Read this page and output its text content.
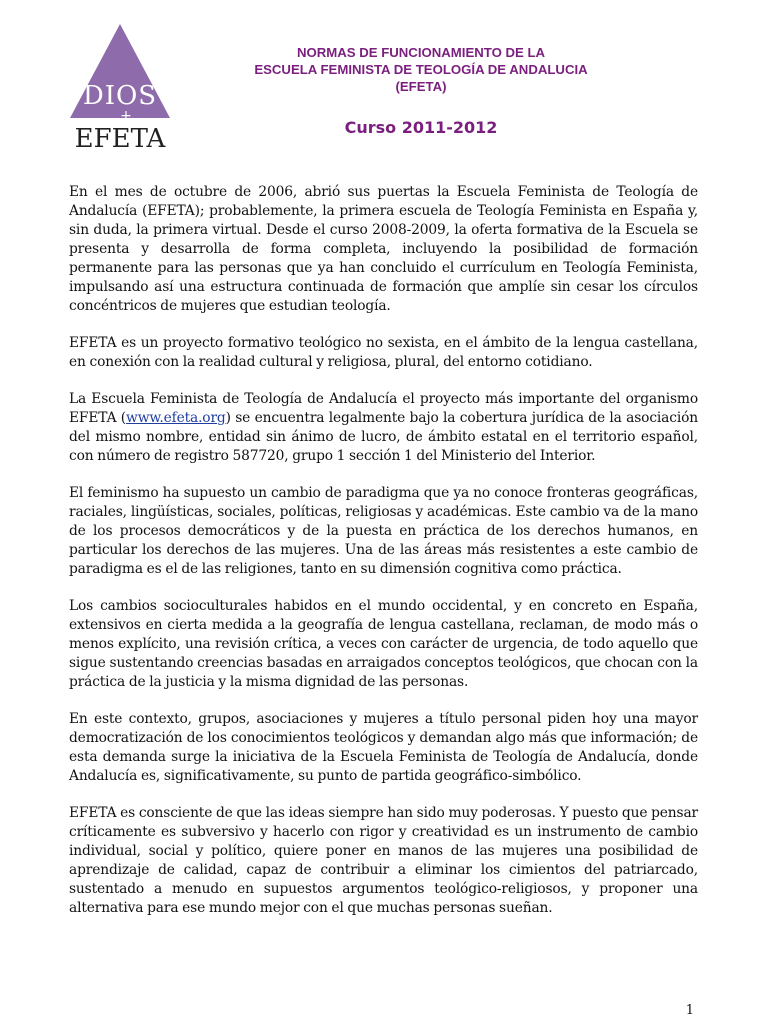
DIOS
+
EFETA
NORMAS DE FUNCIONAMIENTO DE LA
ESCUELA FEMINISTA DE TEOLOGÍA DE ANDALUCIA
(EFETA)
Curso 2011-2012

En el mes de octubre de 2006, abrió sus puertas la Escuela Feminista de Teología de Andalucía (EFETA); probablemente, la primera escuela de Teología Feminista en España y, sin duda, la primera virtual. Desde el curso 2008-2009, la oferta formativa de la Escuela se presenta y desarrolla de forma completa, incluyendo la posibilidad de formación permanente para las personas que ya han concluido el currículum en Teología Feminista, impulsando así una estructura continuada de formación que amplíe sin cesar los círculos concéntricos de mujeres que estudian teología.

EFETA es un proyecto formativo teológico no sexista, en el ámbito de la lengua castellana, en conexión con la realidad cultural y religiosa, plural, del entorno cotidiano.

La Escuela Feminista de Teología de Andalucía el proyecto más importante del organismo EFETA (www.efeta.org) se encuentra legalmente bajo la cobertura jurídica de la asociación del mismo nombre, entidad sin ánimo de lucro, de ámbito estatal en el territorio español, con número de registro 587720, grupo 1 sección 1 del Ministerio del Interior.

El feminismo ha supuesto un cambio de paradigma que ya no conoce fronteras geográficas, raciales, lingüísticas, sociales, políticas, religiosas y académicas. Este cambio va de la mano de los procesos democráticos y de la puesta en práctica de los derechos humanos, en particular los derechos de las mujeres. Una de las áreas más resistentes a este cambio de paradigma es el de las religiones, tanto en su dimensión cognitiva como práctica.

Los cambios socioculturales habidos en el mundo occidental, y en concreto en España, extensivos en cierta medida a la geografía de lengua castellana, reclaman, de modo más o menos explícito, una revisión crítica, a veces con carácter de urgencia, de todo aquello que sigue sustentando creencias basadas en arraigados conceptos teológicos, que chocan con la práctica de la justicia y la misma dignidad de las personas.

En este contexto, grupos, asociaciones y mujeres a título personal piden hoy una mayor democratización de los conocimientos teológicos y demandan algo más que información; de esta demanda surge la iniciativa de la Escuela Feminista de Teología de Andalucía, donde Andalucía es, significativamente, su punto de partida geográfico-simbólico.

EFETA es consciente de que las ideas siempre han sido muy poderosas. Y puesto que pensar críticamente es subversivo y hacerlo con rigor y creatividad es un instrumento de cambio individual, social y político, quiere poner en manos de las mujeres una posibilidad de aprendizaje de calidad, capaz de contribuir a eliminar los cimientos del patriarcado, sustentado a menudo en supuestos argumentos teológico-religiosos, y proponer una alternativa para ese mundo mejor con el que muchas personas sueñan.

1
